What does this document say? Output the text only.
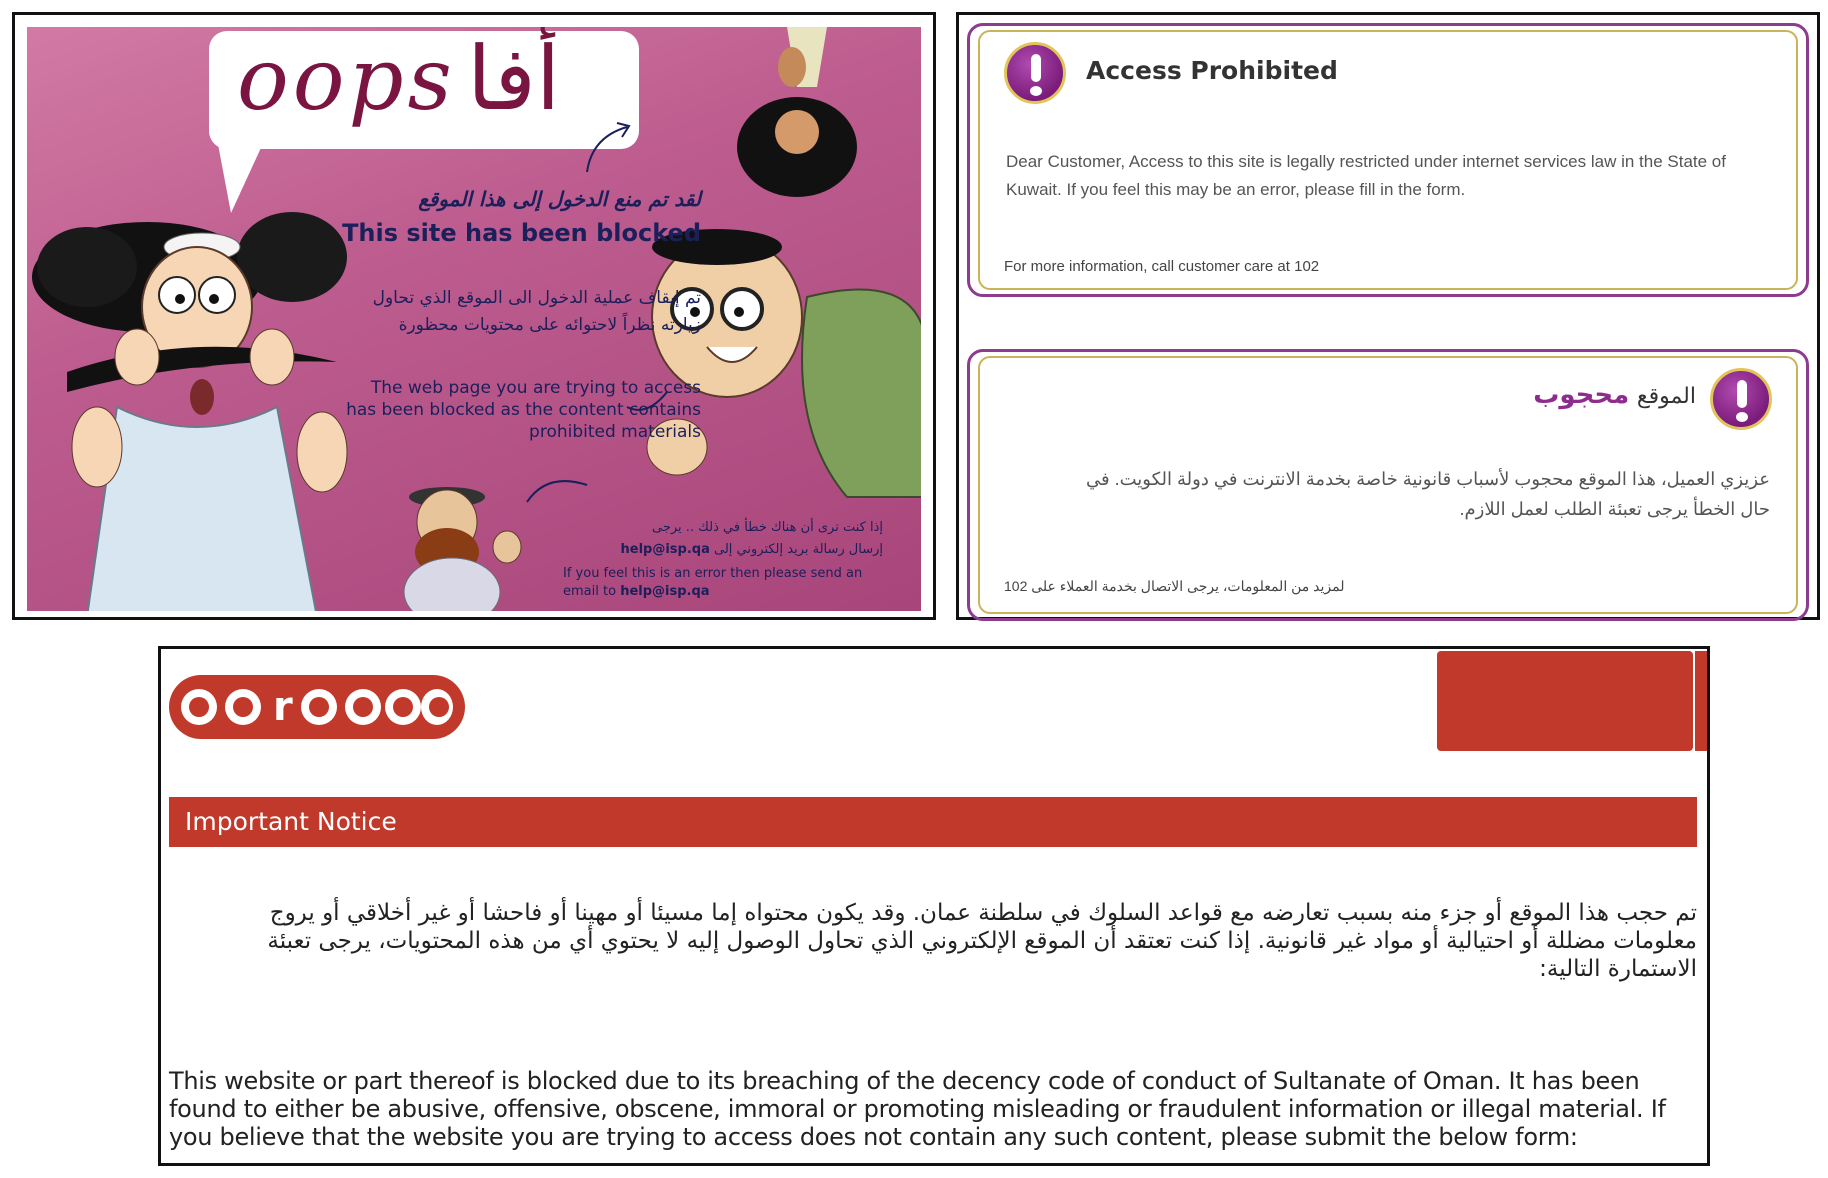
oops أفا
لقد تم منع الدخول إلى هذا الموقع
This site has been blocked
تم إيقاف عملية الدخول الى الموقع الذي تحاول زيارته نظراً لاحتوائه على محتويات محظورة
The web page you are trying to access has been blocked as the content contains prohibited materials
إذا كنت ترى أن هناك خطأ في ذلك .. يرجى
إرسال رسالة بريد إلكتروني إلى help@isp.qa
If you feel this is an error then please send an email to help@isp.qa
Access Prohibited
Dear Customer, Access to this site is legally restricted under internet services law in the State of Kuwait. If you feel this may be an error, please fill in the form.
For more information, call customer care at 102
الموقع محجوب
عزيزي العميل، هذا الموقع محجوب لأسباب قانونية خاصة بخدمة الانترنت في دولة الكويت. في حال الخطأ يرجى تعبئة الطلب لعمل اللازم.
لمزيد من المعلومات، يرجى الاتصال بخدمة العملاء على 102
r
Important Notice
تم حجب هذا الموقع أو جزء منه بسبب تعارضه مع قواعد السلوك في سلطنة عمان. وقد يكون محتواه إما مسيئا أو مهينا أو فاحشا أو غير أخلاقي أو يروج معلومات مضللة أو احتيالية أو مواد غير قانونية. إذا كنت تعتقد أن الموقع الإلكتروني الذي تحاول الوصول إليه لا يحتوي أي من هذه المحتويات، يرجى تعبئة الاستمارة التالية:
This website or part thereof is blocked due to its breaching of the decency code of conduct of Sultanate of Oman. It has been found to either be abusive, offensive, obscene, immoral or promoting misleading or fraudulent information or illegal material. If you believe that the website you are trying to access does not contain any such content, please submit the below form:
